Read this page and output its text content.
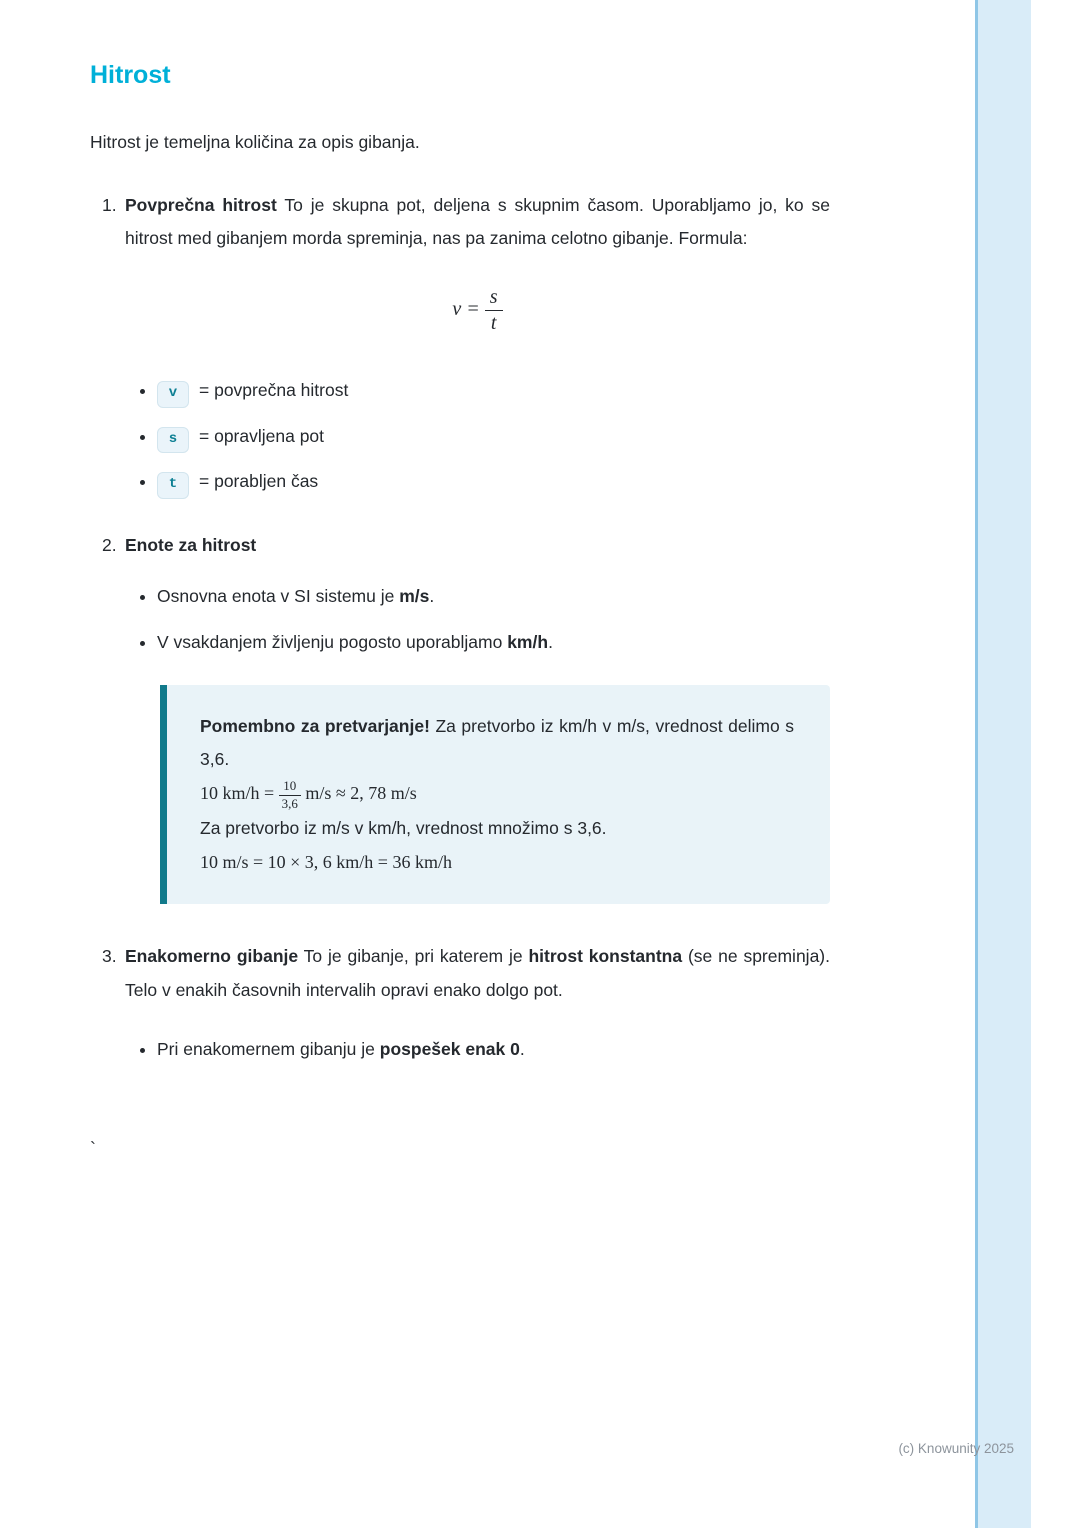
Hitrost

Hitrost je temeljna količina za opis gibanja.

1. Povprečna hitrost To je skupna pot, deljena s skupnim časom. Uporabljamo jo, ko se hitrost med gibanjem morda spreminja, nas pa zanima celotno gibanje. Formula:

$v = \frac{s}{t}$
• v = povprečna hitrost
• s = opravljena pot
• t = porabljen čas
2. Enote za hitrost

• Osnovna enota v SI sistemu je m/s.
• V vsakdanjem življenju pogosto uporabljamo km/h.

Pomembno za pretvarjanje! Za pretvorbo iz km/h v m/s, vrednost delimo s 3,6.

10 $km/h = \frac{10}{3,6} m/s \approx 2$, 78 m/s

Za pretvorbo iz m/s v km/h, vrednost množimo s 3,6.

10 m/s = 10 × 3, 6 km/h = 36 km/h

3. Enakomerno gibanje To je gibanje, pri katerem je hitrost konstantna (se ne spreminja). Telo v enakih časovnih intervalih opravi enako dolgo pot.

• Pri enakomernem gibanju je pospešek enak 0.
`
(c) Knowunity 2025
